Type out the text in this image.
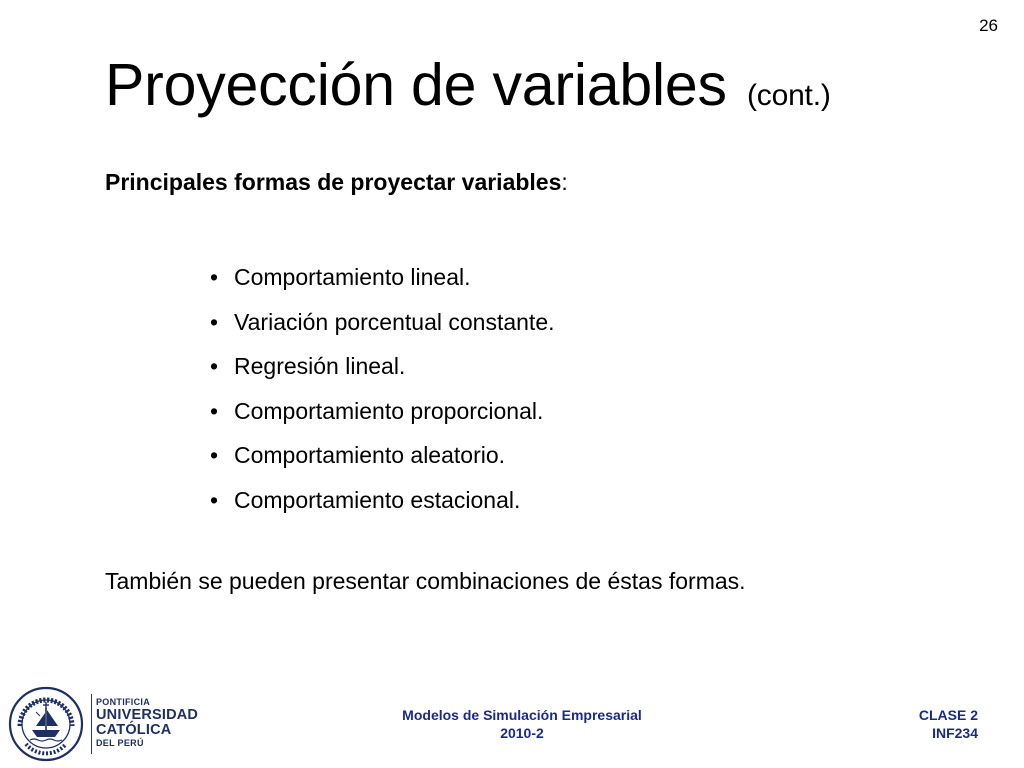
26
Proyección de variables (cont.)
Principales formas de proyectar variables:
• Comportamiento lineal.
• Variación porcentual constante.
• Regresión lineal.
• Comportamiento proporcional.
• Comportamiento aleatorio.
• Comportamiento estacional.
También se pueden presentar combinaciones de éstas formas.
PONTIFICIA
UNIVERSIDAD
CATÓLICA
DEL PERÚ
Modelos de Simulación Empresarial
2010-2
CLASE 2
INF234
